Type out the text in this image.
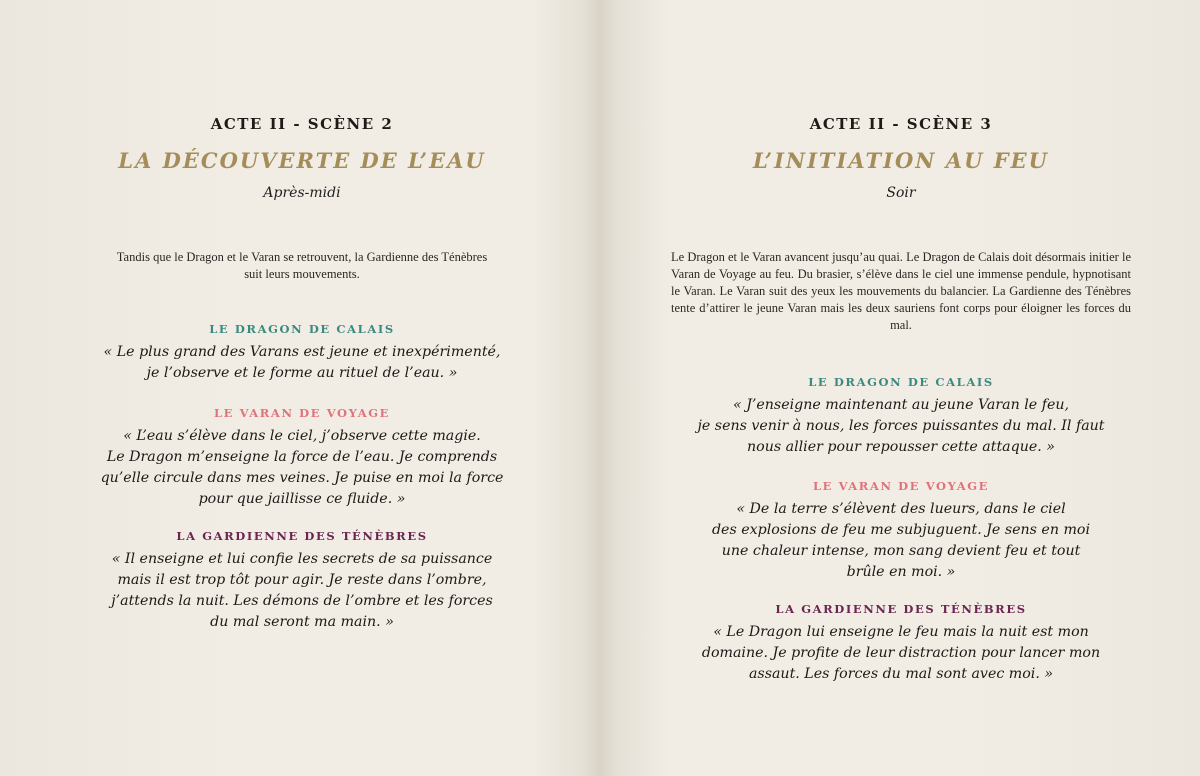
ACTE II - SCÈNE 2
LA DÉCOUVERTE DE L’EAU
Après-midi
Tandis que le Dragon et le Varan se retrouvent, la Gardienne des Ténèbres
suit leurs mouvements.
LE DRAGON DE CALAIS
« Le plus grand des Varans est jeune et inexpérimenté,
je l’observe et le forme au rituel de l’eau. »
LE VARAN DE VOYAGE
« L’eau s’élève dans le ciel, j’observe cette magie.
Le Dragon m’enseigne la force de l’eau. Je comprends
qu’elle circule dans mes veines. Je puise en moi la force
pour que jaillisse ce fluide. »
LA GARDIENNE DES TÉNÈBRES
« Il enseigne et lui confie les secrets de sa puissance
mais il est trop tôt pour agir. Je reste dans l’ombre,
j’attends la nuit. Les démons de l’ombre et les forces
du mal seront ma main. »
ACTE II - SCÈNE 3
L’INITIATION AU FEU
Soir
Le Dragon et le Varan avancent jusqu’au quai. Le Dragon de Calais doit désormais initier le Varan de Voyage au feu. Du brasier, s’élève dans le ciel une immense pendule, hypnotisant le Varan. Le Varan suit des yeux les mouvements du balancier. La Gardienne des Ténèbres tente d’attirer le jeune Varan mais les deux sauriens font corps pour éloigner les forces du mal.
LE DRAGON DE CALAIS
« J’enseigne maintenant au jeune Varan le feu,
je sens venir à nous, les forces puissantes du mal. Il faut
nous allier pour repousser cette attaque. »
LE VARAN DE VOYAGE
« De la terre s’élèvent des lueurs, dans le ciel
des explosions de feu me subjuguent. Je sens en moi
une chaleur intense, mon sang devient feu et tout
brûle en moi. »
LA GARDIENNE DES TÉNÈBRES
« Le Dragon lui enseigne le feu mais la nuit est mon
domaine. Je profite de leur distraction pour lancer mon
assaut. Les forces du mal sont avec moi. »
